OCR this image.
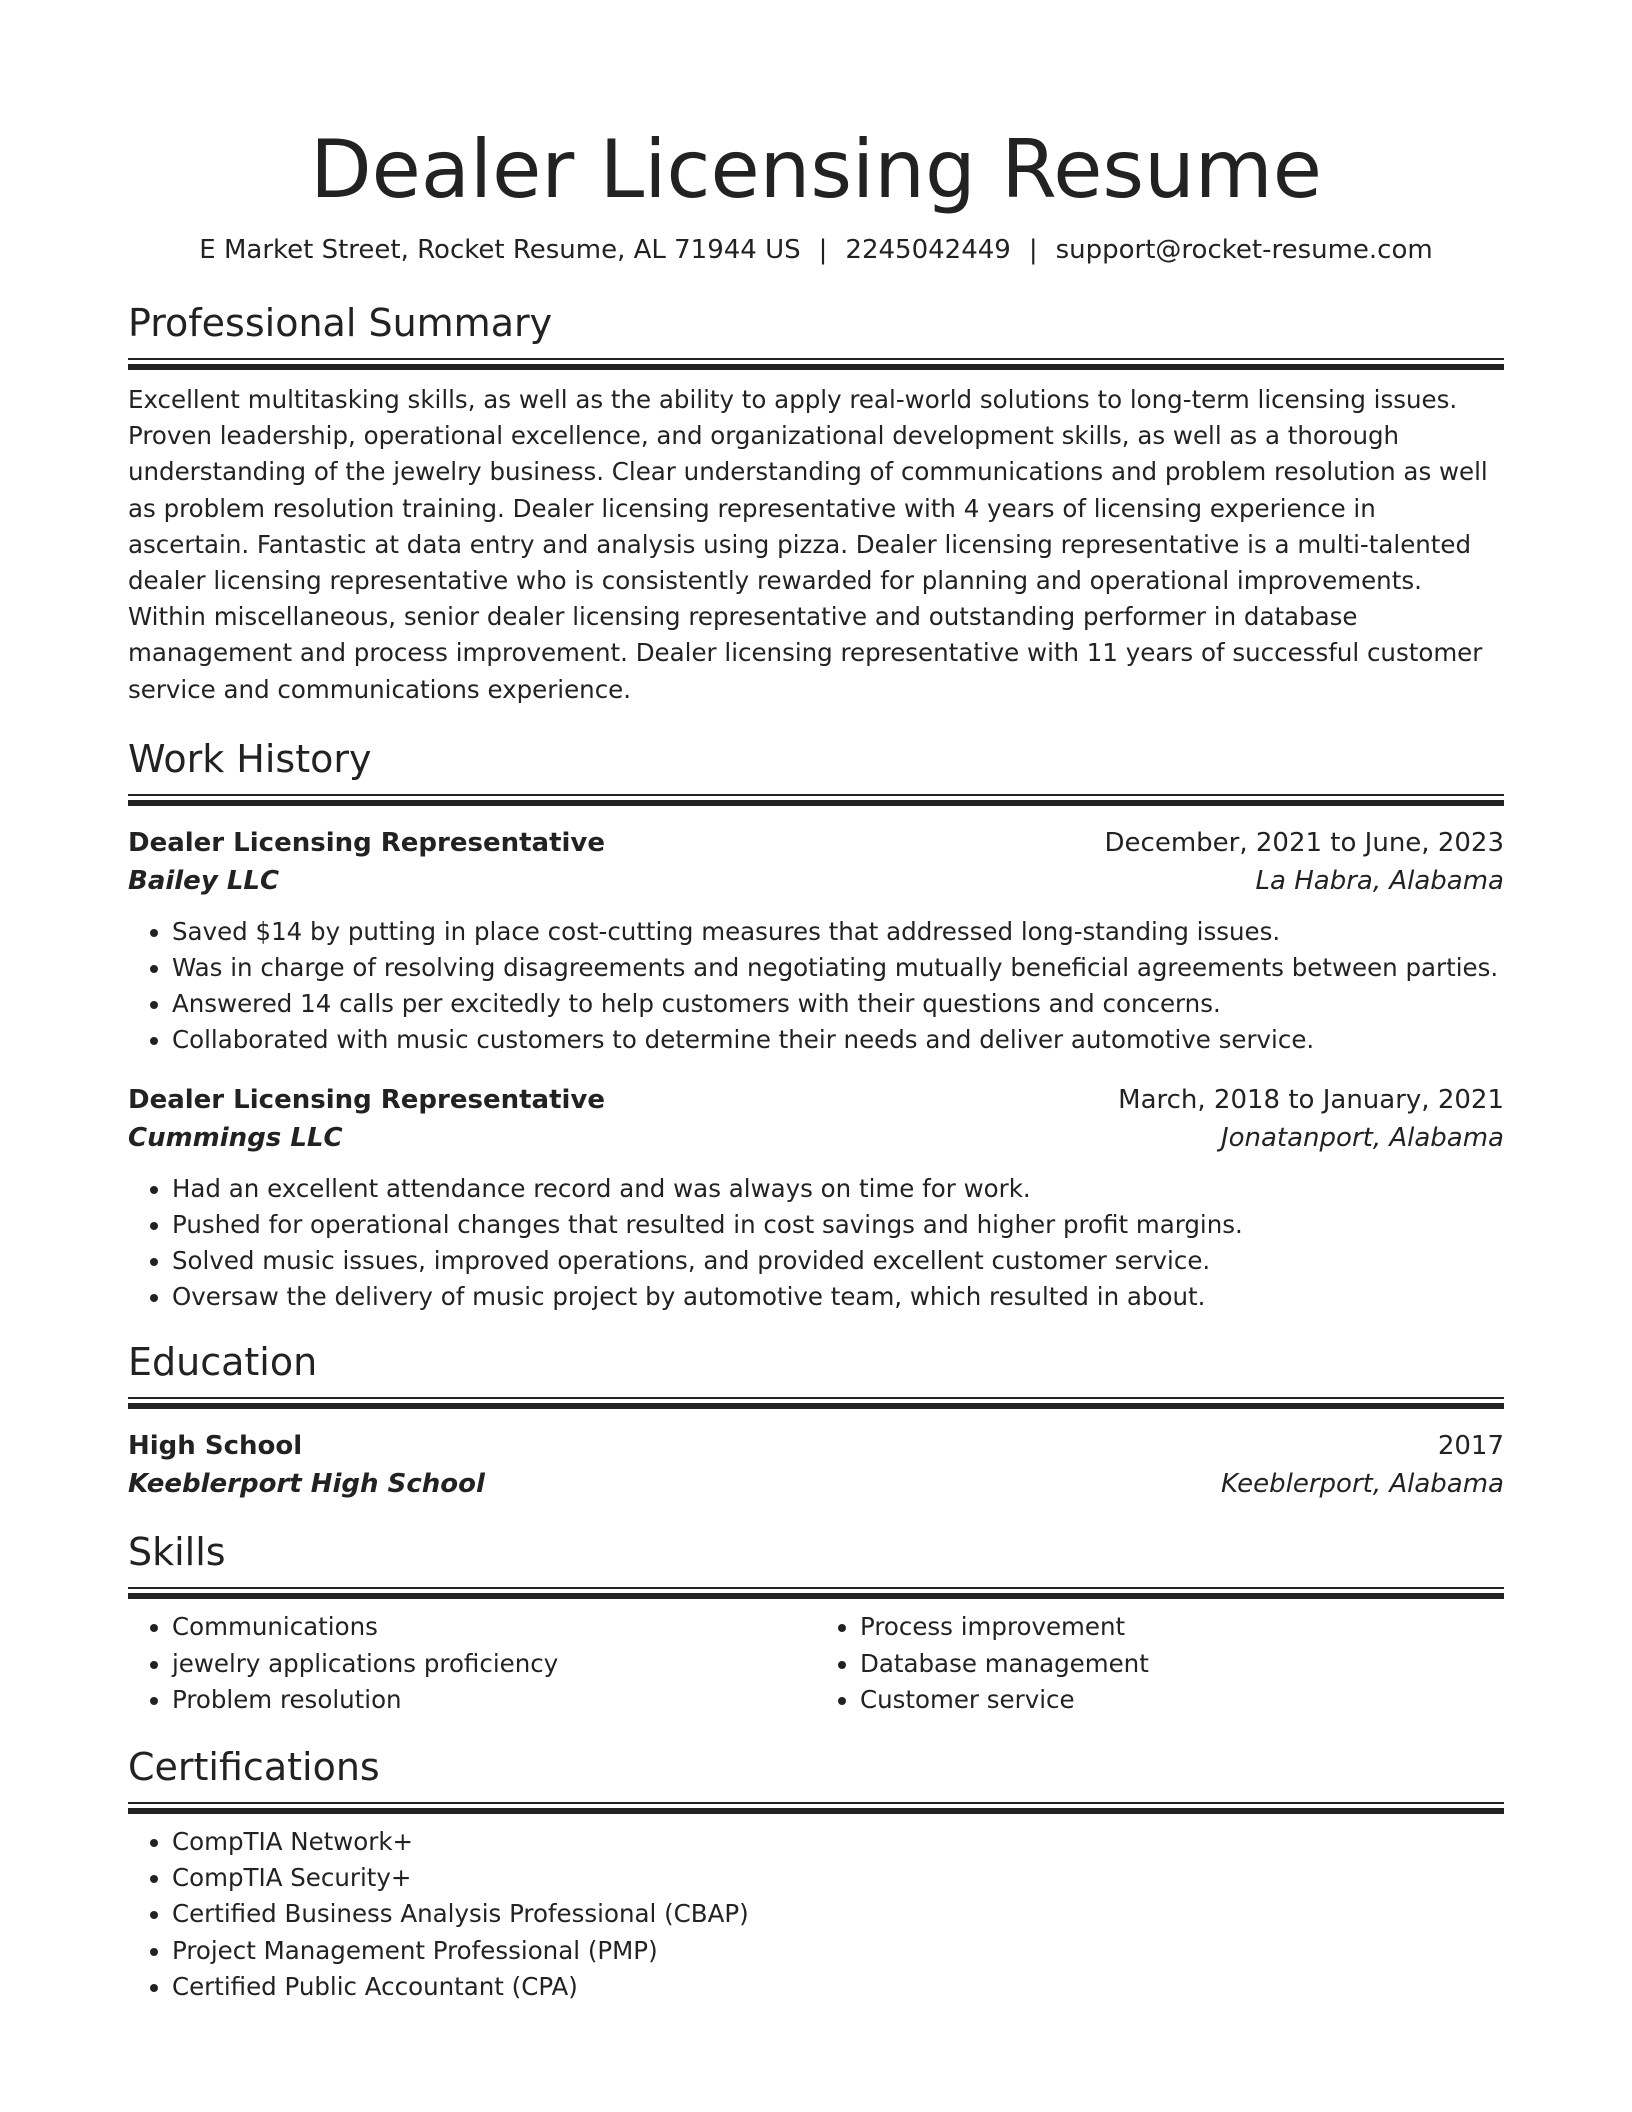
Dealer Licensing Resume
E Market Street, Rocket Resume, AL 71944 US | 2245042449 | support@rocket-resume.com
Professional Summary

Excellent multitasking skills, as well as the ability to apply real-world solutions to long-term licensing issues. Proven leadership, operational excellence, and organizational development skills, as well as a thorough understanding of the jewelry business. Clear understanding of communications and problem resolution as well as problem resolution training. Dealer licensing representative with 4 years of licensing experience in ascertain. Fantastic at data entry and analysis using pizza. Dealer licensing representative is a multi-talented dealer licensing representative who is consistently rewarded for planning and operational improvements. Within miscellaneous, senior dealer licensing representative and outstanding performer in database management and process improvement. Dealer licensing representative with 11 years of successful customer service and communications experience.

Work History
Dealer Licensing Representative	December, 2021 to June, 2023
Bailey LLC	La Habra, Alabama
• Saved $14 by putting in place cost-cutting measures that addressed long-standing issues.
• Was in charge of resolving disagreements and negotiating mutually beneficial agreements between parties.
• Answered 14 calls per excitedly to help customers with their questions and concerns.
• Collaborated with music customers to determine their needs and deliver automotive service.
Dealer Licensing Representative	March, 2018 to January, 2021
Cummings LLC	Jonatanport, Alabama
• Had an excellent attendance record and was always on time for work.
• Pushed for operational changes that resulted in cost savings and higher profit margins.
• Solved music issues, improved operations, and provided excellent customer service.
• Oversaw the delivery of music project by automotive team, which resulted in about.
Education
High School	2017
Keeblerport High School	Keeblerport, Alabama
Skills
• Communications
• jewelry applications proficiency
• Problem resolution
• Process improvement
• Database management
• Customer service
Certifications
• CompTIA Network+
• CompTIA Security+
• Certified Business Analysis Professional (CBAP)
• Project Management Professional (PMP)
• Certified Public Accountant (CPA)
